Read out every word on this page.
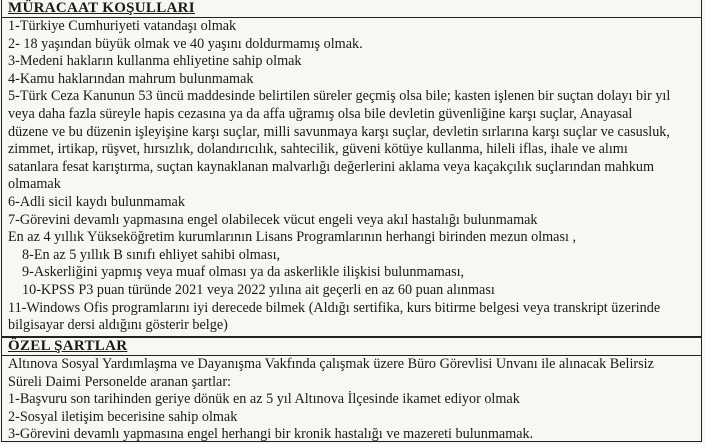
MÜRACAAT KOŞULLARI
1-Türkiye Cumhuriyeti vatandaşı olmak
2- 18 yaşından büyük olmak ve 40 yaşını doldurmamış olmak.
3-Medeni hakların kullanma ehliyetine sahip olmak
4-Kamu haklarından mahrum bulunmamak
5-Türk Ceza Kanunun 53 üncü maddesinde belirtilen süreler geçmiş olsa bile; kasten işlenen bir suçtan dolayı bir yıl
veya daha fazla süreyle hapis cezasına ya da affa uğramış olsa bile devletin güvenliğine karşı suçlar, Anayasal
düzene ve bu düzenin işleyişine karşı suçlar, milli savunmaya karşı suçlar, devletin sırlarına karşı suçlar ve casusluk,
zimmet, irtikap, rüşvet, hırsızlık, dolandırıcılık, sahtecilik, güveni kötüye kullanma, hileli iflas, ihale ve alımı
satanlara fesat karıştırma, suçtan kaynaklanan malvarlığı değerlerini aklama veya kaçakçılık suçlarından mahkum
olmamak
6-Adli sicil kaydı bulunmamak
7-Görevini devamlı yapmasına engel olabilecek vücut engeli veya akıl hastalığı bulunmamak
En az 4 yıllık Yükseköğretim kurumlarının Lisans Programlarının herhangi birinden mezun olması ,
8-En az 5 yıllık B sınıfı ehliyet sahibi olması,
9-Askerliğini yapmış veya muaf olması ya da askerlikle ilişkisi bulunmaması,
10-KPSS P3 puan türünde 2021 veya 2022 yılına ait geçerli en az 60 puan alınması
11-Windows Ofis programlarını iyi derecede bilmek (Aldığı sertifika, kurs bitirme belgesi veya transkript üzerinde
bilgisayar dersi aldığını gösterir belge)
ÖZEL ŞARTLAR
Altınova Sosyal Yardımlaşma ve Dayanışma Vakfında çalışmak üzere Büro Görevlisi Unvanı ile alınacak Belirsiz
Süreli Daimi Personelde aranan şartlar:
1-Başvuru son tarihinden geriye dönük en az 5 yıl Altınova İlçesinde ikamet ediyor olmak
2-Sosyal iletişim becerisine sahip olmak
3-Görevini devamlı yapmasına engel herhangi bir kronik hastalığı ve mazereti bulunmamak.
